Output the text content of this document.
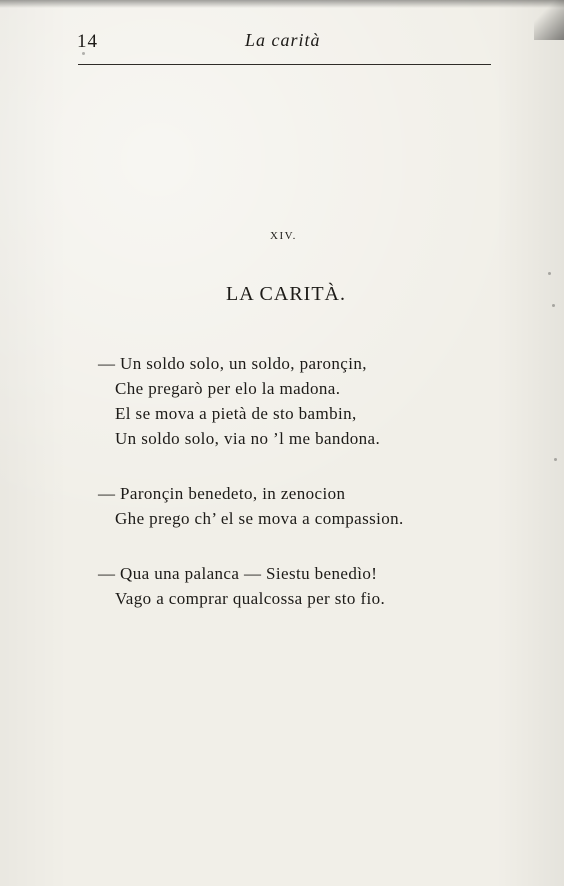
14	La carità
XIV.
LA CARITÀ.
— Un soldo solo, un soldo, paronçin,
Che pregarò per elo la madona.
El se mova a pietà de sto bambin,
Un soldo solo, via no ’l me bandona.
— Paronçin benedeto, in zenocion
Ghe prego ch’ el se mova a compassion.
— Qua una palanca — Siestu benedìo!
Vago a comprar qualcossa per sto fio.
